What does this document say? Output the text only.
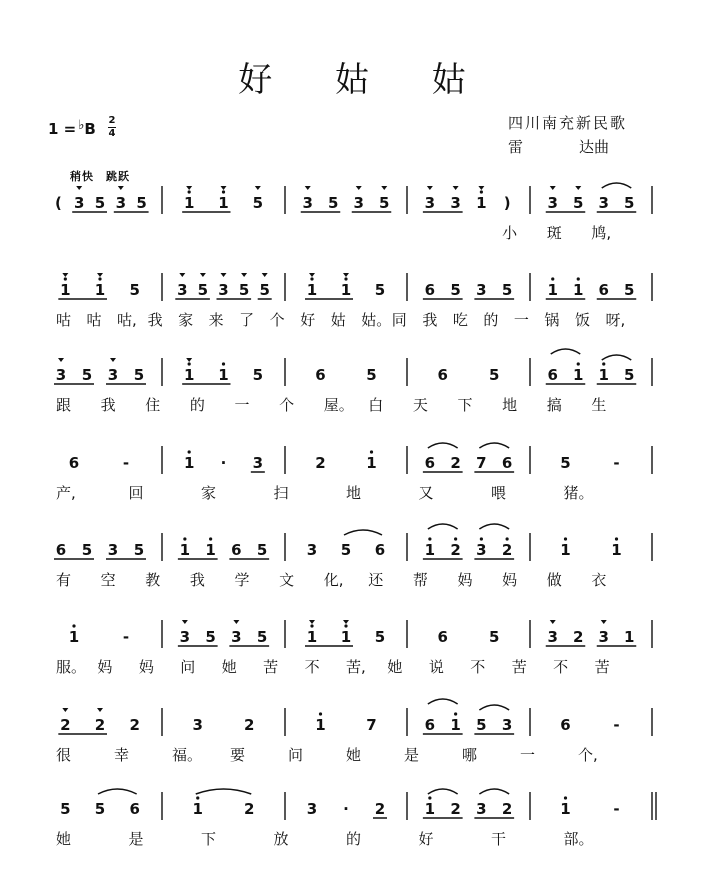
好 姑 姑
1 = ♭B 2
4
四川南充新民歌
雷	达曲
稍快　跳跃
( 3 5 3 5 1 1 5	3 5 3 5 3 3 1 ) 3 5 3 5
1 1 5 3 5 3 5 5 1 1 5	6 5 3 5 1 1 6 5
3 5 3 5	1 1 5	6	5	6	5	6 1 1 5
6	-	1 · 3	2	1	6 2 7 6	5	-
6 5 3 5 1 1 6 5	3 5 6	1 2 3 2	1	1
1	-	3 5 3 5	1 1 5	6	5	3 2 3 1
2 2 2	3	2	1	7	6 1 5 3	6	-
5 5 6	1	2	3 · 2	1 2 3 2	1	-
小 斑 鸠,
咕 咕 咕, 我 家 来 了 个 好 姑 姑。 同 我 吃 的 一 锅 饭 呀,
跟 我 住 的 一 个 屋。 白 天 下 地 搞 生
产,	回	家	扫	地	又	喂	猪。
有 空 教 我 学 文 化, 还 帮 妈 妈 做 衣
服。 妈 妈 问 她 苦 不 苦, 她 说 不 苦 不 苦
很	幸	福。 要	问	她	是	哪	一	个,
她	是	下	放	的	好	干	部。
